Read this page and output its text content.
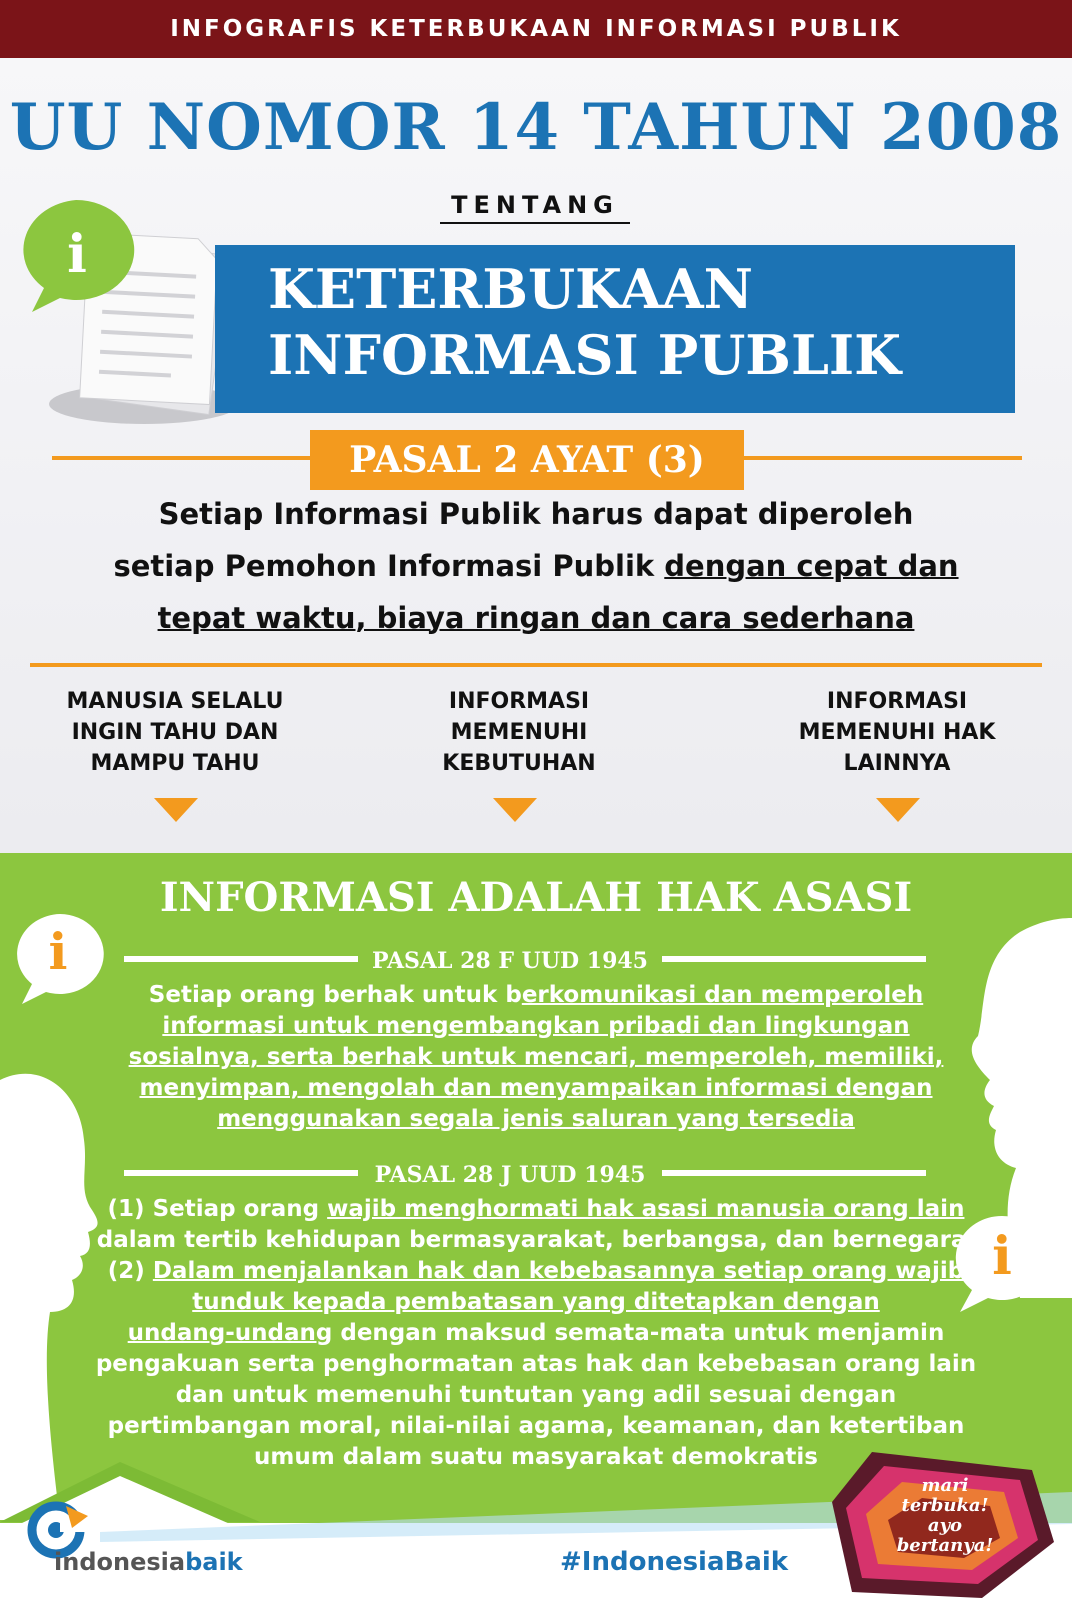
INFOGRAFIS KETERBUKAAN INFORMASI PUBLIK
UU NOMOR 14 TAHUN 2008
TENTANG
i
KETERBUKAAN
INFORMASI PUBLIK
PASAL 2 AYAT (3)
Setiap Informasi Publik harus dapat diperoleh
setiap Pemohon Informasi Publik dengan cepat dan
tepat waktu, biaya ringan dan cara sederhana
MANUSIA SELALU
INGIN TAHU DAN
MAMPU TAHU
INFORMASI
MEMENUHI
KEBUTUHAN
INFORMASI
MEMENUHI HAK
LAINNYA
INFORMASI ADALAH HAK ASASI
i
i
PASAL 28 F UUD 1945
Setiap orang berhak untuk berkomunikasi dan memperoleh
informasi untuk mengembangkan pribadi dan lingkungan
sosialnya, serta berhak untuk mencari, memperoleh, memiliki,
menyimpan, mengolah dan menyampaikan informasi dengan
menggunakan segala jenis saluran yang tersedia
PASAL 28 J UUD 1945
(1) Setiap orang wajib menghormati hak asasi manusia orang lain
dalam tertib kehidupan bermasyarakat, berbangsa, dan bernegara.
(2) Dalam menjalankan hak dan kebebasannya setiap orang wajib
tunduk kepada pembatasan yang ditetapkan dengan
undang-undang dengan maksud semata-mata untuk menjamin
pengakuan serta penghormatan atas hak dan kebebasan orang lain
dan untuk memenuhi tuntutan yang adil sesuai dengan
pertimbangan moral, nilai-nilai agama, keamanan, dan ketertiban
umum dalam suatu masyarakat demokratis
indonesiabaik	#IndonesiaBaik
mari
terbuka!
ayo
bertanya!
